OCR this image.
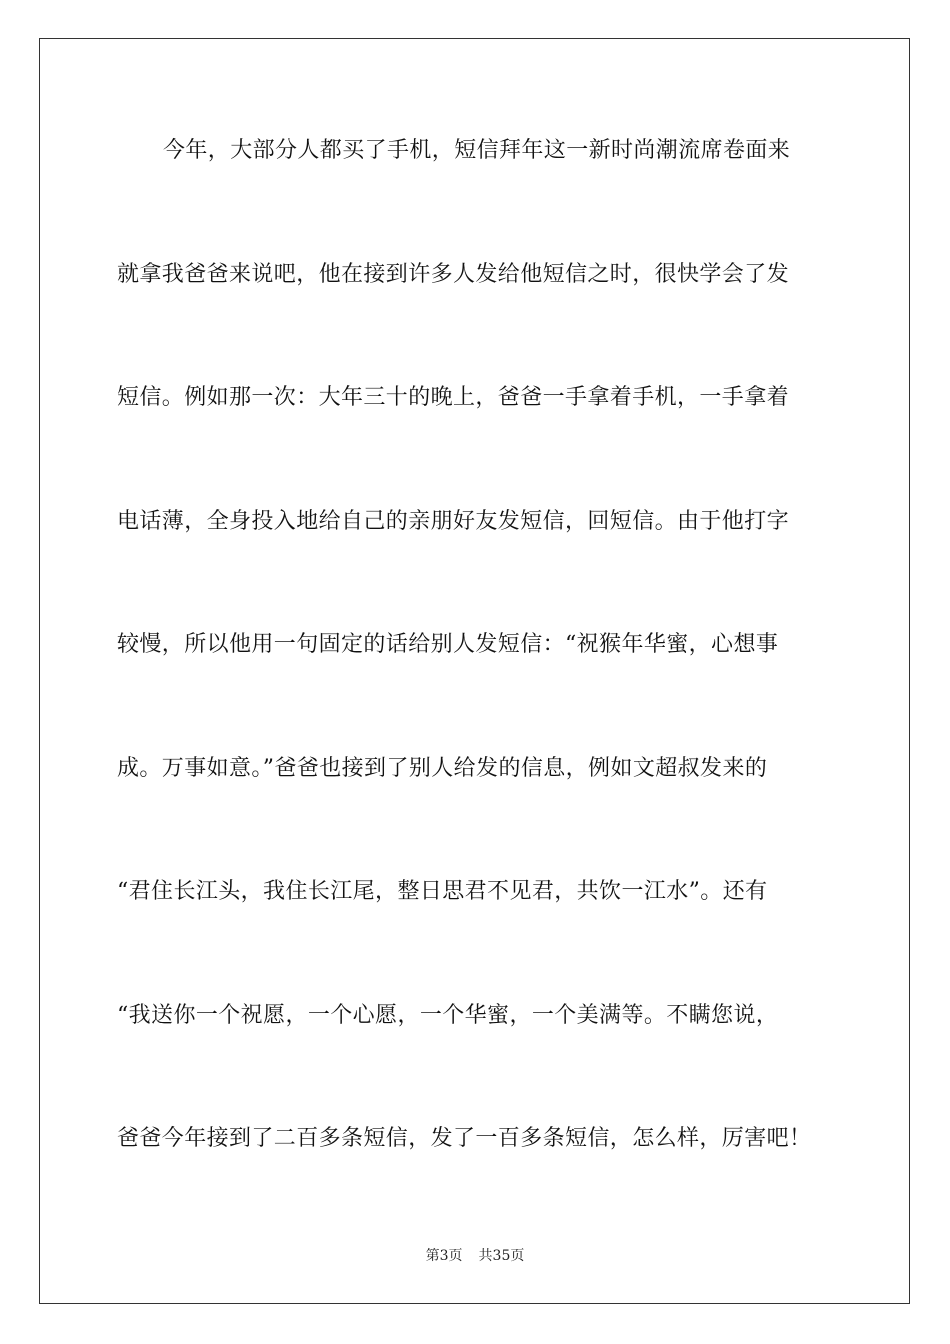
今年，大部分人都买了手机，短信拜年这一新时尚潮流席卷面来
就拿我爸爸来说吧，他在接到许多人发给他短信之时，很快学会了发
短信。例如那一次：大年三十的晚上，爸爸一手拿着手机，一手拿着
电话薄，全身投入地给自己的亲朋好友发短信，回短信。由于他打字
较慢，所以他用一句固定的话给别人发短信：“祝猴年华蜜，心想事
成。万事如意。”爸爸也接到了别人给发的信息，例如文超叔发来的
“君住长江头，我住长江尾，整日思君不见君，共饮一江水”。还有
“我送你一个祝愿，一个心愿，一个华蜜，一个美满等。不瞒您说，
爸爸今年接到了二百多条短信，发了一百多条短信，怎么样，厉害吧！
第3页 共35页
